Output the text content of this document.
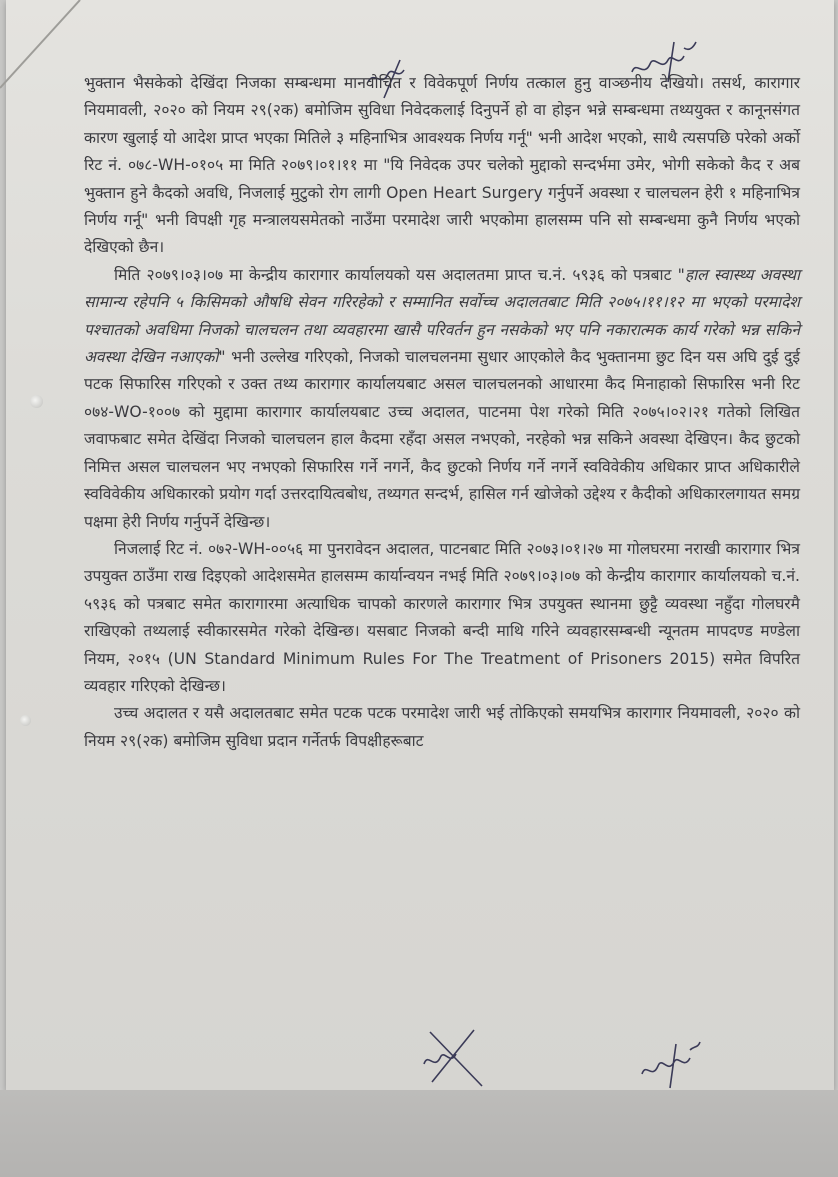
भुक्तान भैसकेको देखिंदा निजका सम्बन्धमा मानवोचित र विवेकपूर्ण निर्णय तत्काल हुनु वाञ्छनीय देखियो। तसर्थ, कारागार नियमावली, २०२० को नियम २९(२क) बमोजिम सुविधा निवेदकलाई दिनुपर्ने हो वा होइन भन्ने सम्बन्धमा तथ्ययुक्त र कानूनसंगत कारण खुलाई यो आदेश प्राप्त भएका मितिले ३ महिनाभित्र आवश्यक निर्णय गर्नू" भनी आदेश भएको, साथै त्यसपछि परेको अर्को रिट नं. ०७८-WH-०१०५ मा मिति २०७९।०१।११ मा "यि निवेदक उपर चलेको मुद्दाको सन्दर्भमा उमेर, भोगी सकेको कैद र अब भुक्तान हुने कैदको अवधि, निजलाई मुटुको रोग लागी Open Heart Surgery गर्नुपर्ने अवस्था र चालचलन हेरी १ महिनाभित्र निर्णय गर्नू" भनी विपक्षी गृह मन्त्रालयसमेतको नाउँमा परमादेश जारी भएकोमा हालसम्म पनि सो सम्बन्धमा कुनै निर्णय भएको देखिएको छैन।

मिति २०७९।०३।०७ मा केन्द्रीय कारागार कार्यालयको यस अदालतमा प्राप्त च.नं. ५९३६ को पत्रबाट "हाल स्वास्थ्य अवस्था सामान्य रहेपनि ५ किसिमको औषधि सेवन गरिरहेको र सम्मानित सर्वोच्च अदालतबाट मिति २०७५।११।१२ मा भएको परमादेश पश्चातको अवधिमा निजको चालचलन तथा व्यवहारमा खासै परिवर्तन हुन नसकेको भए पनि नकारात्मक कार्य गरेको भन्न सकिने अवस्था देखिन नआएको" भनी उल्लेख गरिएको, निजको चालचलनमा सुधार आएकोले कैद भुक्तानमा छुट दिन यस अघि दुई दुई पटक सिफारिस गरिएको र उक्त तथ्य कारागार कार्यालयबाट असल चालचलनको आधारमा कैद मिनाहाको सिफारिस भनी रिट ०७४-WO-१००७ को मुद्दामा कारागार कार्यालयबाट उच्च अदालत, पाटनमा पेश गरेको मिति २०७५।०२।२१ गतेको लिखित जवाफबाट समेत देखिंदा निजको चालचलन हाल कैदमा रहँदा असल नभएको, नरहेको भन्न सकिने अवस्था देखिएन। कैद छुटको निमित्त असल चालचलन भए नभएको सिफारिस गर्ने नगर्ने, कैद छुटको निर्णय गर्ने नगर्ने स्वविवेकीय अधिकार प्राप्त अधिकारीले स्वविवेकीय अधिकारको प्रयोग गर्दा उत्तरदायित्वबोध, तथ्यगत सन्दर्भ, हासिल गर्न खोजेको उद्देश्य र कैदीको अधिकारलगायत समग्र पक्षमा हेरी निर्णय गर्नुपर्ने देखिन्छ।

निजलाई रिट नं. ०७२-WH-००५६ मा पुनरावेदन अदालत, पाटनबाट मिति २०७३।०१।२७ मा गोलघरमा नराखी कारागार भित्र उपयुक्त ठाउँमा राख दिइएको आदेशसमेत हालसम्म कार्यान्वयन नभई मिति २०७९।०३।०७ को केन्द्रीय कारागार कार्यालयको च.नं. ५९३६ को पत्रबाट समेत कारागारमा अत्याधिक चापको कारणले कारागार भित्र उपयुक्त स्थानमा छुट्टै व्यवस्था नहुँदा गोलघरमै राखिएको तथ्यलाई स्वीकारसमेत गरेको देखिन्छ। यसबाट निजको बन्दी माथि गरिने व्यवहारसम्बन्धी न्यूनतम मापदण्ड मण्डेला नियम, २०१५ (UN Standard Minimum Rules For The Treatment of Prisoners 2015) समेत विपरित व्यवहार गरिएको देखिन्छ।

उच्च अदालत र यसै अदालतबाट समेत पटक पटक परमादेश जारी भई तोकिएको समयभित्र कारागार नियमावली, २०२० को नियम २९(२क) बमोजिम सुविधा प्रदान गर्नेतर्फ विपक्षीहरूबाट
